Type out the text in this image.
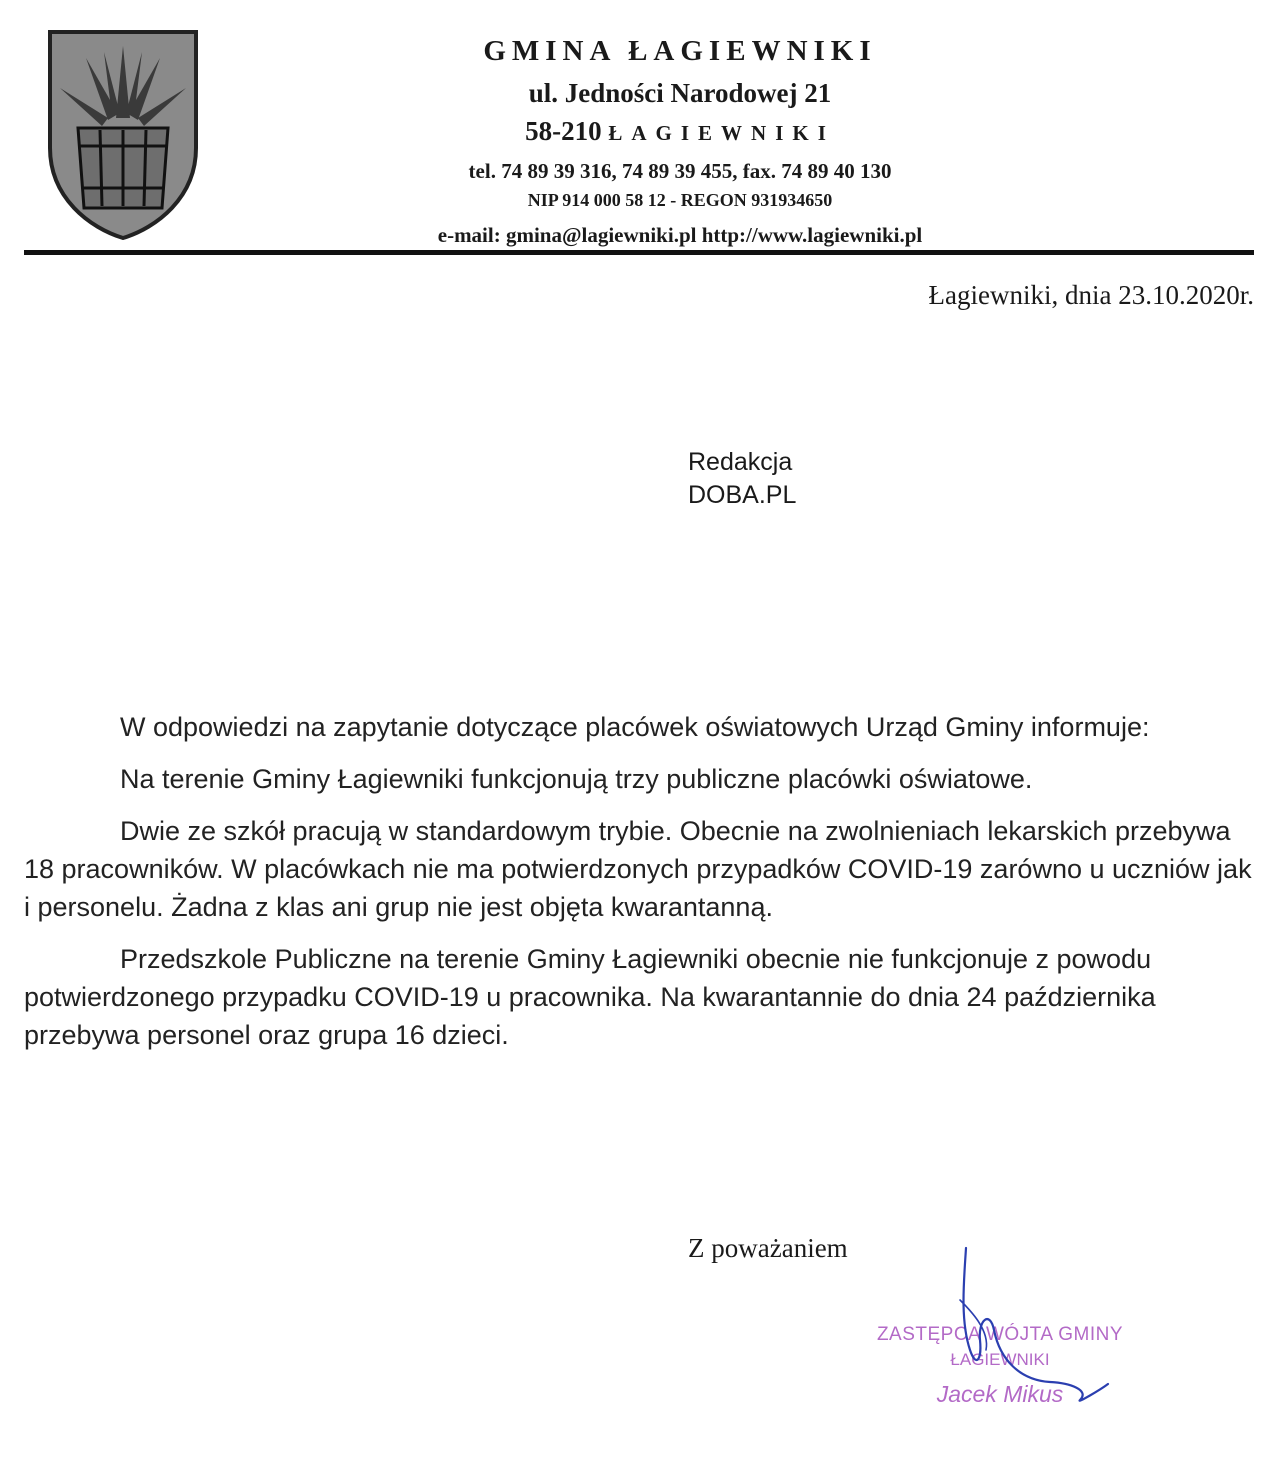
GMINA ŁAGIEWNIKI
ul. Jedności Narodowej 21
58-210 ŁAGIEWNIKI
tel. 74 89 39 316, 74 89 39 455, fax. 74 89 40 130
NIP 914 000 58 12 - REGON 931934650
e-mail: gmina@lagiewniki.pl http://www.lagiewniki.pl
Łagiewniki, dnia 23.10.2020r.
Redakcja
DOBA.PL

W odpowiedzi na zapytanie dotyczące placówek oświatowych Urząd Gminy informuje:

Na terenie Gminy Łagiewniki funkcjonują trzy publiczne placówki oświatowe.

Dwie ze szkół pracują w standardowym trybie. Obecnie na zwolnieniach lekarskich przebywa 18 pracowników. W placówkach nie ma potwierdzonych przypadków COVID-19 zarówno u uczniów jak i personelu. Żadna z klas ani grup nie jest objęta kwarantanną.

Przedszkole Publiczne na terenie Gminy Łagiewniki obecnie nie funkcjonuje z powodu potwierdzonego przypadku COVID-19 u pracownika. Na kwarantannie do dnia 24 października przebywa personel oraz grupa 16 dzieci.

Z poważaniem
ZASTĘPCA WÓJTA GMINY
ŁAGIEWNIKI
Jacek Mikus
